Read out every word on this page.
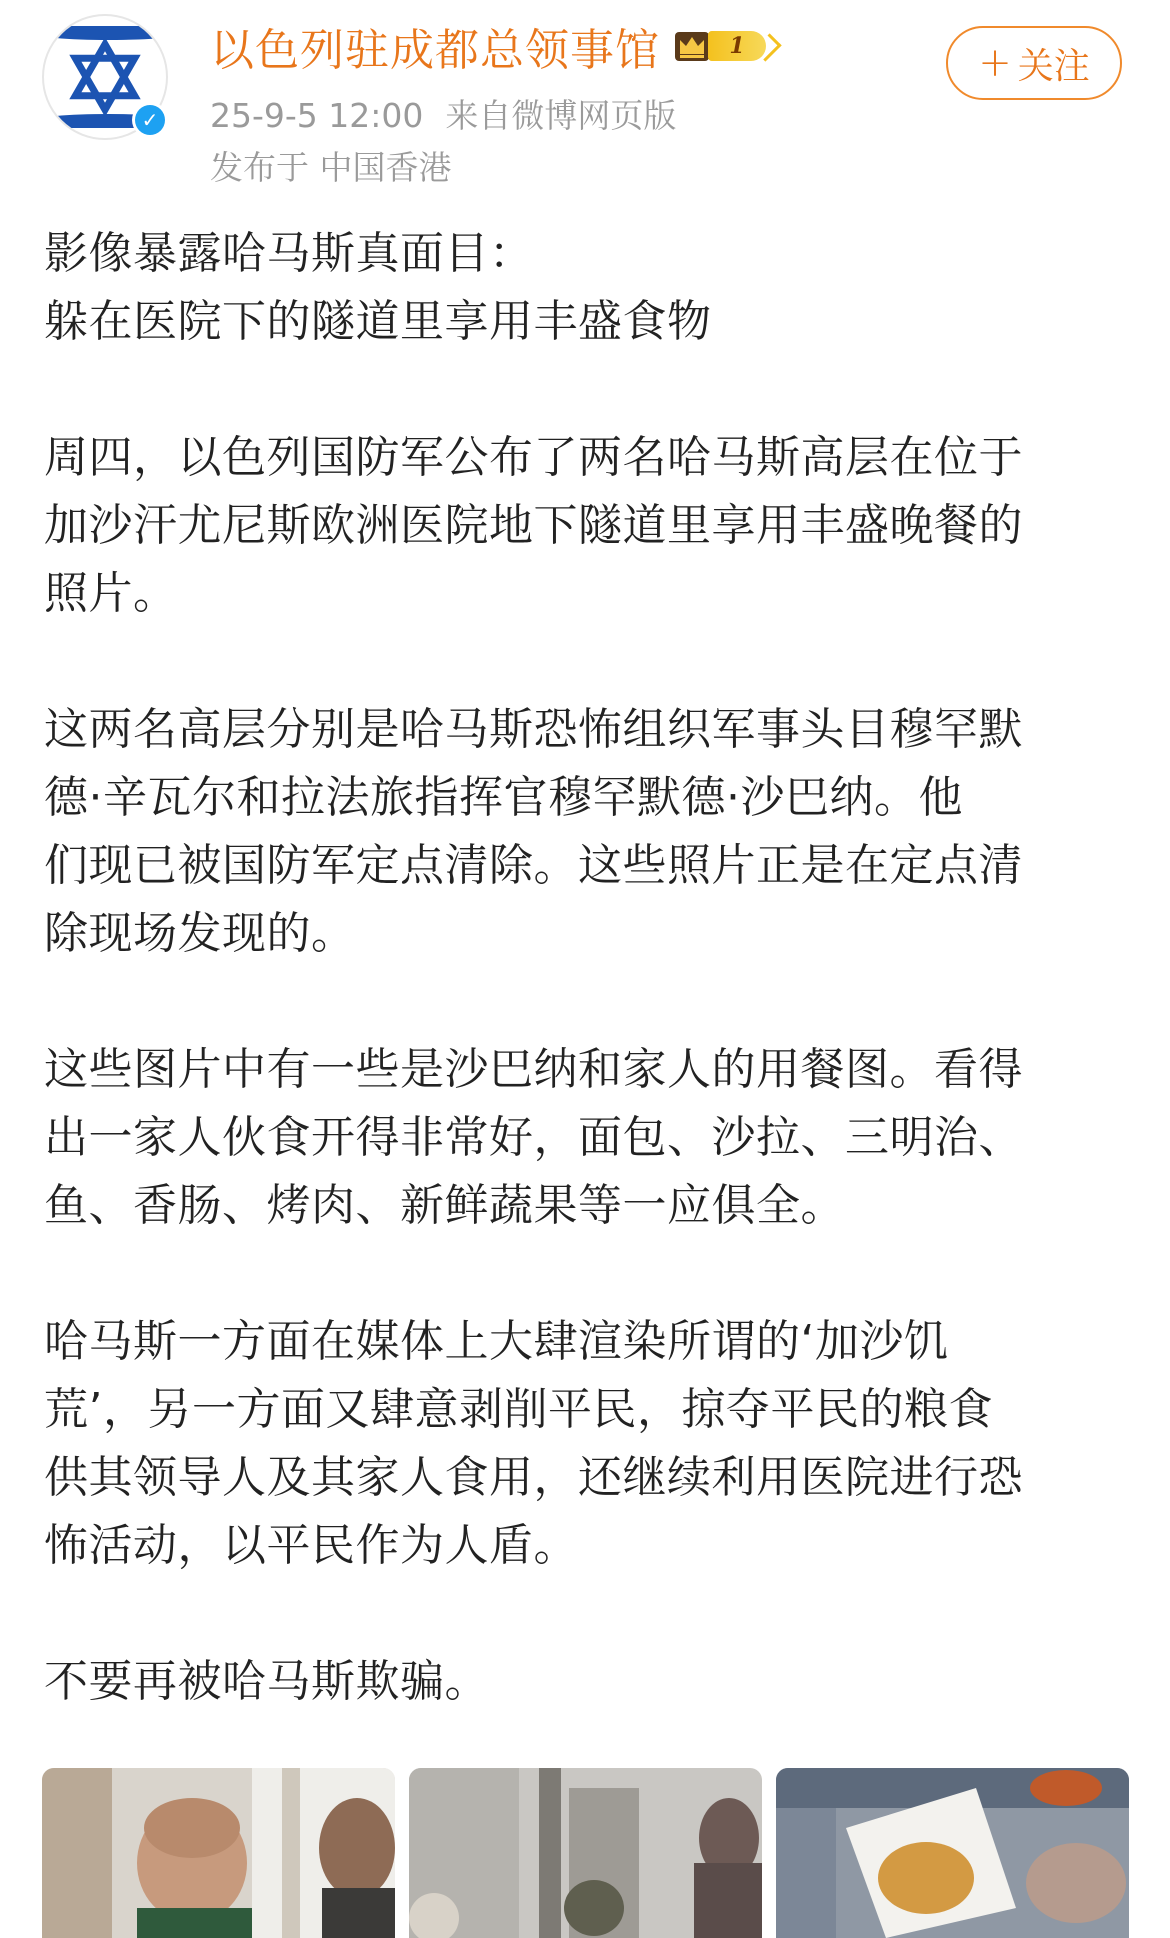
✓
以色列驻成都总领事馆	1
25-9-5 12:00 来自微博网页版
发布于 中国香港
+ 关注

影像暴露哈马斯真面目：
躲在医院下的隧道里享用丰盛食物

周四，以色列国防军公布了两名哈马斯高层在位于
加沙汗尤尼斯欧洲医院地下隧道里享用丰盛晚餐的
照片。

这两名高层分别是哈马斯恐怖组织军事头目穆罕默
德·辛瓦尔和拉法旅指挥官穆罕默德·沙巴纳。他
们现已被国防军定点清除。这些照片正是在定点清
除现场发现的。

这些图片中有一些是沙巴纳和家人的用餐图。看得
出一家人伙食开得非常好，面包、沙拉、三明治、
鱼、香肠、烤肉、新鲜蔬果等一应俱全。

哈马斯一方面在媒体上大肆渲染所谓的‘加沙饥
荒’，另一方面又肆意剥削平民，掠夺平民的粮食
供其领导人及其家人食用，还继续利用医院进行恐
怖活动，以平民作为人盾。

不要再被哈马斯欺骗。
